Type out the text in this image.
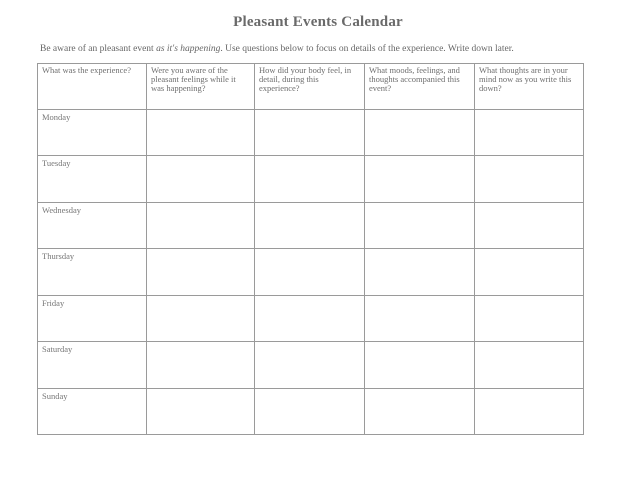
Pleasant Events Calendar
Be aware of an pleasant event as it's happening. Use questions below to focus on details of the experience. Write down later.
What was the experience?	Were you aware of the pleasant feelings while it was happening?	How did your body feel, in detail, during this experience?	What moods, feelings, and thoughts accompanied this event?	What thoughts are in your mind now as you write this down?
Monday				
Tuesday				
Wednesday				
Thursday				
Friday				
Saturday				
Sunday				
